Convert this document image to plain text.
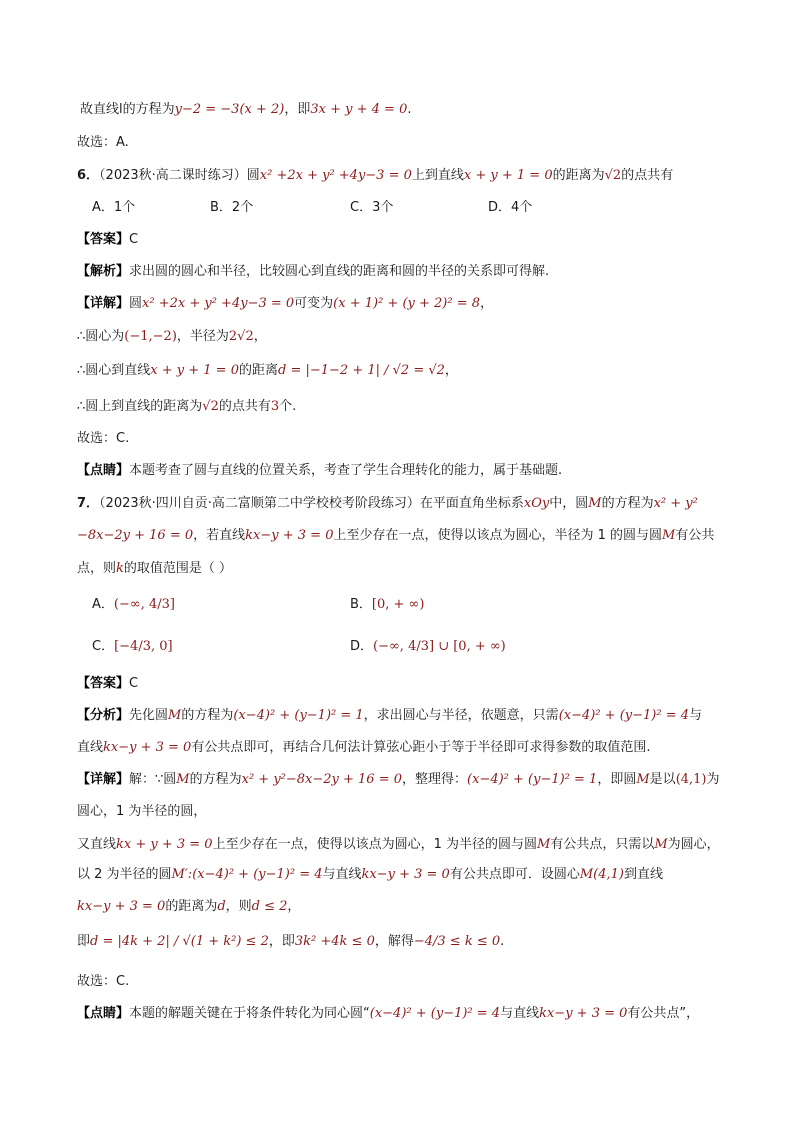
故直线l的方程为y−2 = −3(x + 2)，即3x + y + 4 = 0.
故选：A.
6．（2023秋·高二课时练习）圆x² +2x + y² +4y−3 = 0上到直线x + y + 1 = 0的距离为√2的点共有
A．1个	B．2个	C．3个	D．4个
【答案】C
【解析】求出圆的圆心和半径，比较圆心到直线的距离和圆的半径的关系即可得解.
【详解】圆x² +2x + y² +4y−3 = 0可变为(x + 1)² + (y + 2)² = 8，
∴圆心为(−1,−2)，半径为2√2，
∴圆心到直线x + y + 1 = 0的距离d = |−1−2 + 1| / √2 = √2，
∴圆上到直线的距离为√2的点共有3个.
故选：C.
【点睛】本题考查了圆与直线的位置关系，考查了学生合理转化的能力，属于基础题.
7．（2023秋·四川自贡·高二富顺第二中学校校考阶段练习）在平面直角坐标系xOy中，圆M的方程为x² + y²
−8x−2y + 16 = 0，若直线kx−y + 3 = 0上至少存在一点，使得以该点为圆心，半径为 1 的圆与圆M有公共
点，则k的取值范围是（ ）
A．(−∞, 4/3]	B．[0, + ∞)
C．[−4/3, 0]	D．(−∞, 4/3] ∪ [0, + ∞)
【答案】C
【分析】先化圆M的方程为(x−4)² + (y−1)² = 1，求出圆心与半径，依题意，只需(x−4)² + (y−1)² = 4与
直线kx−y + 3 = 0有公共点即可，再结合几何法计算弦心距小于等于半径即可求得参数的取值范围.
【详解】解：∵圆M的方程为x² + y²−8x−2y + 16 = 0，整理得：(x−4)² + (y−1)² = 1，即圆M是以(4,1)为
圆心，1 为半径的圆，
又直线kx + y + 3 = 0上至少存在一点，使得以该点为圆心，1 为半径的圆与圆M有公共点，只需以M为圆心，
以 2 为半径的圆M′:(x−4)² + (y−1)² = 4与直线kx−y + 3 = 0有公共点即可．设圆心M(4,1)到直线
kx−y + 3 = 0的距离为d，则d ≤ 2，
即d = |4k + 2| / √(1 + k²) ≤ 2，即3k² +4k ≤ 0，解得−4/3 ≤ k ≤ 0.
故选：C.
【点睛】本题的解题关键在于将条件转化为同心圆“(x−4)² + (y−1)² = 4与直线kx−y + 3 = 0有公共点”，
